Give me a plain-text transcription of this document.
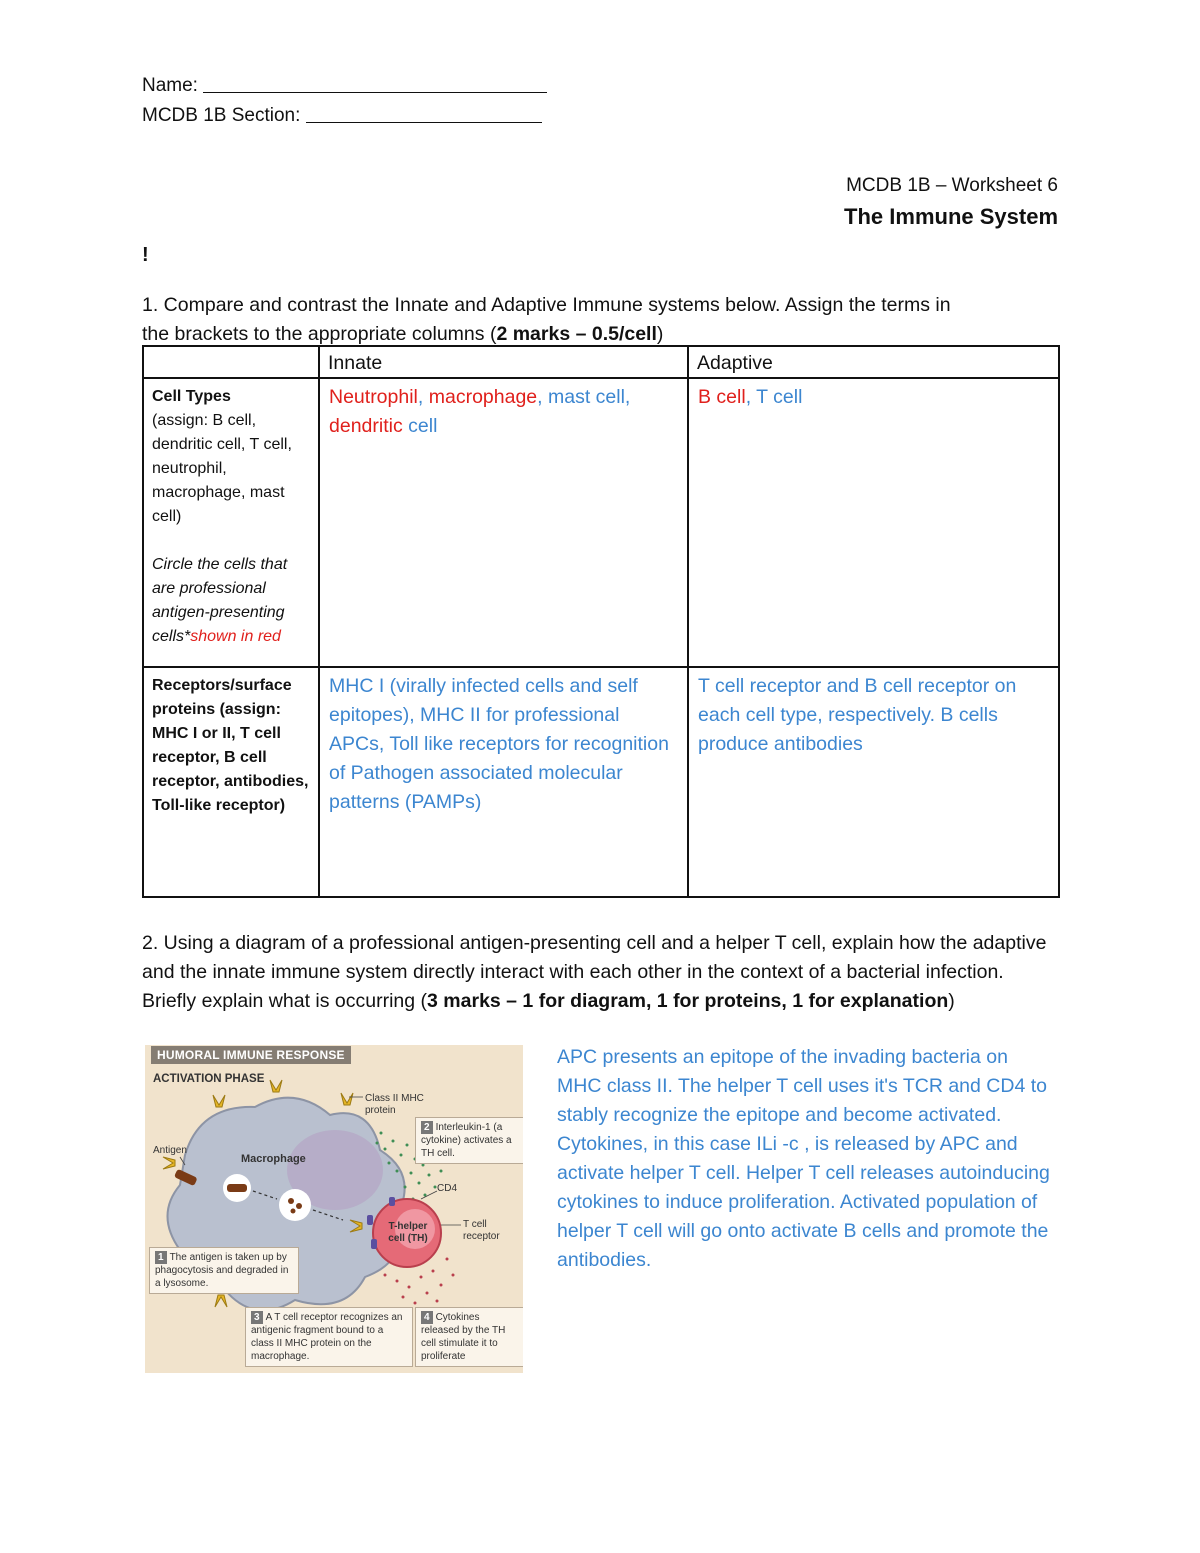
Name:
MCDB 1B Section:
MCDB 1B – Worksheet 6
The Immune System
!
1. Compare and contrast the Innate and Adaptive Immune systems below. Assign the terms in
the brackets to the appropriate columns (2 marks – 0.5/cell)
	Innate	Adaptive
Cell Types
(assign: B cell, dendritic cell, T cell, neutrophil, macrophage, mast cell)
Circle the cells that are professional antigen-presenting cells*shown in red	Neutrophil, macrophage, mast cell,
dendritic cell	B cell, T cell
Receptors/surface proteins (assign: MHC I or II, T cell receptor, B cell receptor, antibodies, Toll-like receptor)	MHC I (virally infected cells and self epitopes), MHC II for professional APCs, Toll like receptors for recognition of Pathogen associated molecular patterns (PAMPs)	T cell receptor and B cell receptor on each cell type, respectively. B cells produce antibodies
2. Using a diagram of a professional antigen-presenting cell and a helper T cell, explain how the adaptive and the innate immune system directly interact with each other in the context of a bacterial infection. Briefly explain what is occurring (3 marks – 1 for diagram, 1 for proteins, 1 for explanation)
HUMORAL IMMUNE RESPONSE
ACTIVATION PHASE
Class II MHC protein
Antigen
Macrophage
CD4
T cell receptor
T-helper cell (TH)
2 Interleukin-1 (a cytokine) activates a TH cell.
1 The antigen is taken up by phagocytosis and degraded in a lysosome.
3 A T cell receptor recognizes an antigenic fragment bound to a class II MHC protein on the macrophage.
4 Cytokines released by the TH cell stimulate it to proliferate
APC presents an epitope of the invading bacteria on MHC class II. The helper T cell uses it's TCR and CD4 to stably recognize the epitope and become activated. Cytokines, in this case ILi -c , is released by APC and activate helper T cell. Helper T cell releases autoinducing cytokines to induce proliferation. Activated population of helper T cell will go onto activate B cells and promote the antibodies.
